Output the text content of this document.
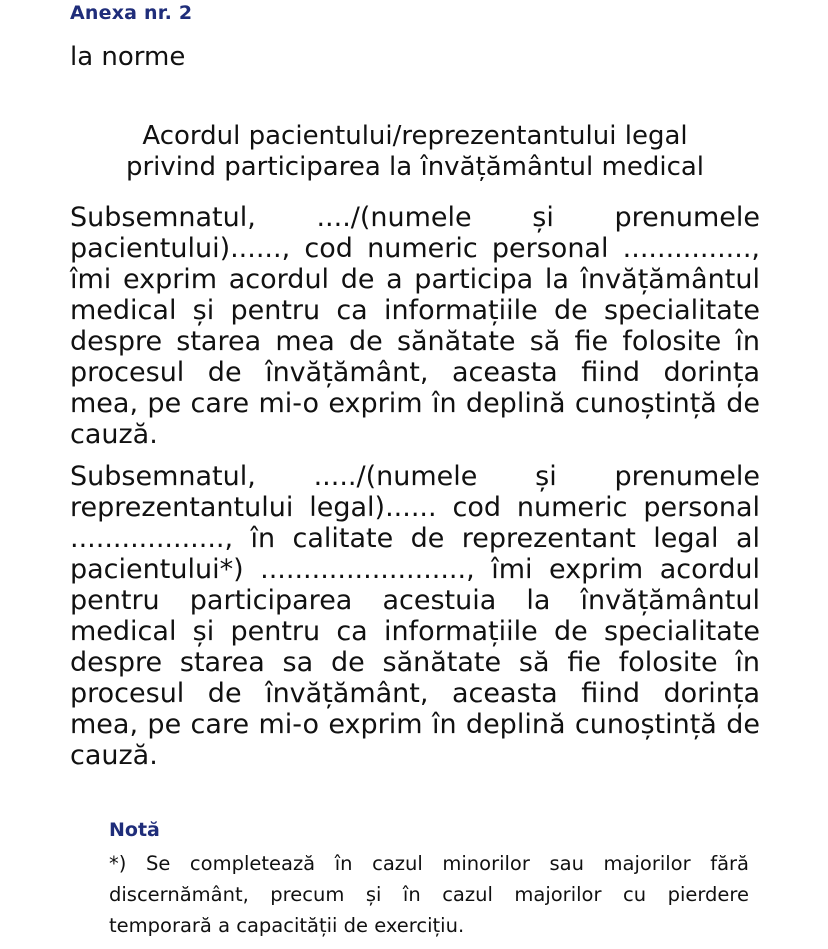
Anexa nr. 2
la norme
Acordul pacientului/reprezentantului legal
privind participarea la învățământul medical
Subsemnatul, ..../(numele și prenumele pacientului)......, cod numeric personal ..............., îmi exprim acordul de a participa la învățământul medical și pentru ca informațiile de specialitate despre starea mea de sănătate să fie folosite în procesul de învățământ, aceasta fiind dorința mea, pe care mi-o exprim în deplină cunoștință de cauză.
Subsemnatul, ...../(numele și prenumele reprezentantului legal)...... cod numeric personal .................., în calitate de reprezentant legal al pacientului*) ........................, îmi exprim acordul pentru participarea acestuia la învățământul medical și pentru ca informațiile de specialitate despre starea sa de sănătate să fie folosite în procesul de învățământ, aceasta fiind dorința mea, pe care mi-o exprim în deplină cunoștință de cauză.
Notă
*) Se completează în cazul minorilor sau majorilor fără discernământ, precum și în cazul majorilor cu pierdere temporară a capacității de exercițiu.
